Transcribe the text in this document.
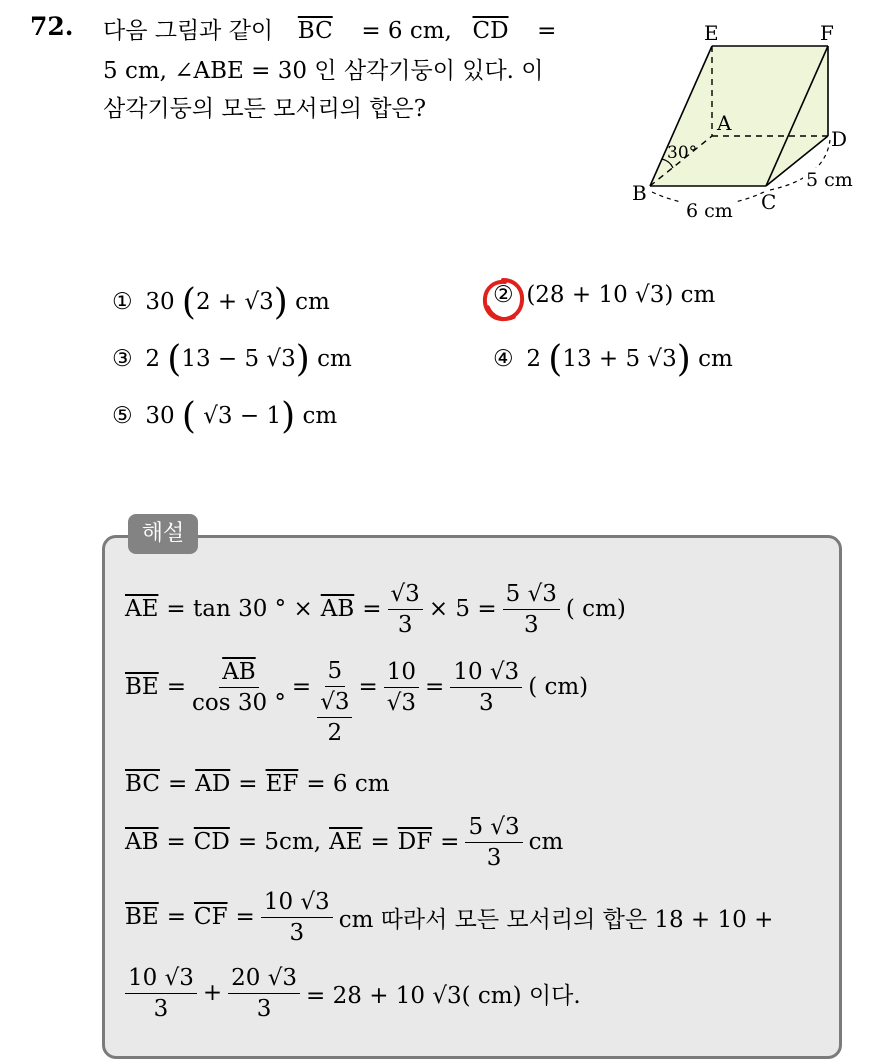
72. 다음 그림과 같이 $\overline{BC} = 6$ cm, $\overline{CD}$ =
5 cm, ∠ABE = 30 인 삼각기둥이 있다. 이
삼각기둥의 모든 모서리의 합은?
E	F
A
D
B	C
30°
6 cm
5 cm
① 30 (2 + √3) cm	② (28 + 10 √3) cm
③ 2 (13 − 5 √3) cm	④ 2 (13 + 5 √3) cm
⑤ 30 ( √3 − 1) cm
해설
$\overline{AE} = \tan 30$ ° × $\overline{AB} = \frac{√3}{3} \times 5 = \frac{5 √3}{3}$ ( cm)
$\overline{BE} = \frac{\overline{AB}}{\cos 30 ^\circ}$ =
5
√3
2
= $\frac{10}{√3} = \frac{10 √3}{3}$ ( cm)
$\overline{BC} = \overline{AD} = \overline{EF} = 6$ cm
$\overline{AB} = \overline{CD} = 5cm$, $\overline{AE} = \overline{DF} = \frac{5 √3}{3}$ cm
$\overline{BE} = \overline{CF} = \frac{10 √3}{3}$ cm 따라서 모든 모서리의 합은 18 + 10 +
$\frac{10 √3}{3} + \frac{20 √3}{3} = 28 + 10$ √3( cm) 이다.
